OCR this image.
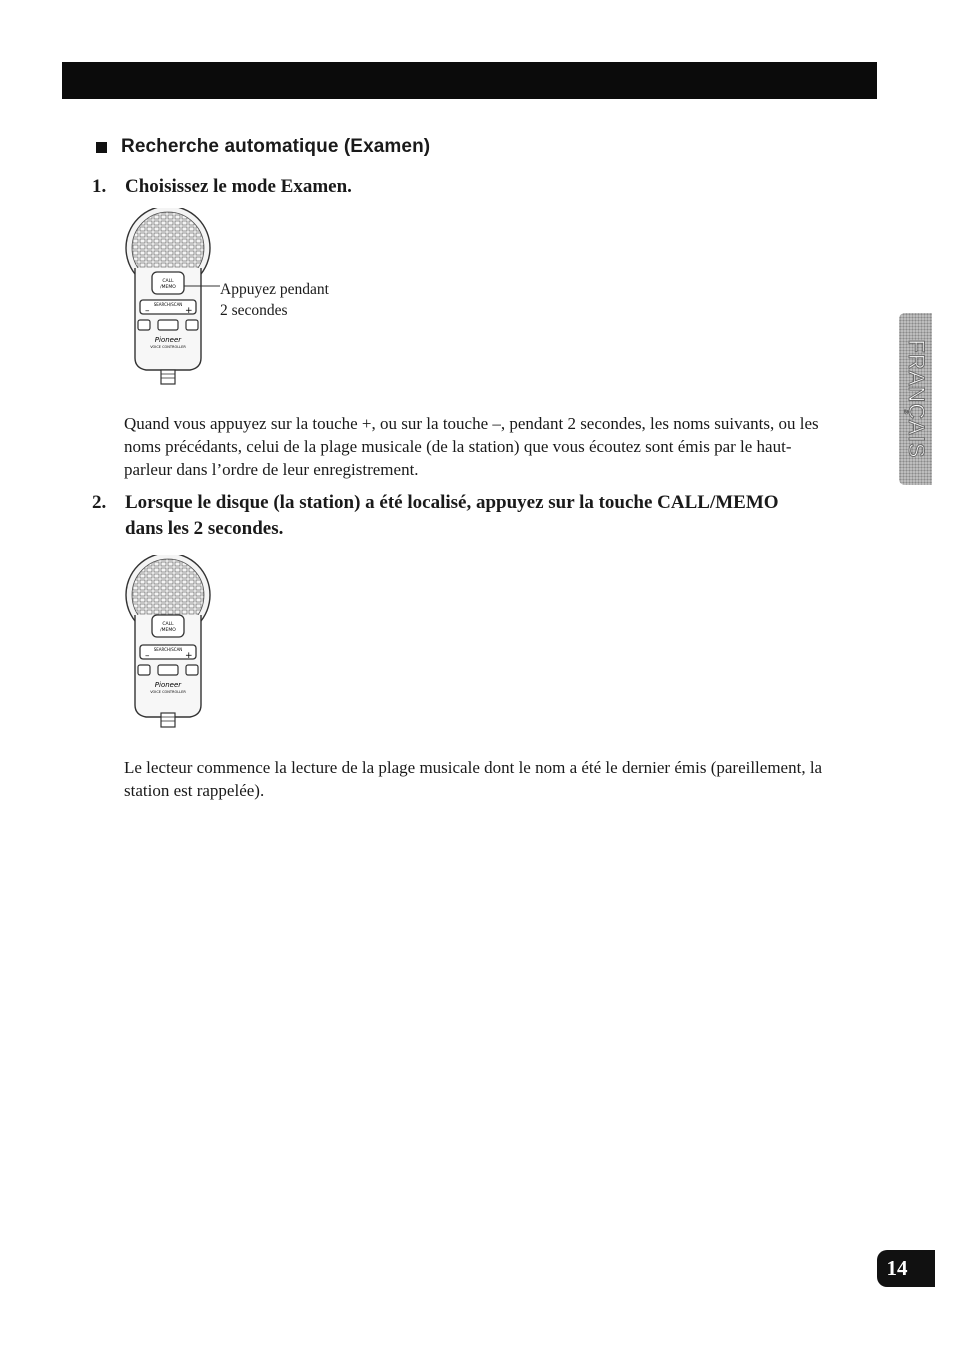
Recherche automatique (Examen)
1. Choisissez le mode Examen.
CALL
/MEMO
SEARCH/SCAN
–	+
Pioneer
VOICE CONTROLLER
Appuyez pendant
2 secondes
Quand vous appuyez sur la touche +, ou sur la touche –, pendant 2 secondes, les noms suivants, ou les noms précédants, celui de la plage musicale (de la station) que vous écoutez sont émis par le haut-parleur dans l’ordre de leur enregistrement.
2. Lorsque le disque (la station) a été localisé, appuyez sur la touche CALL/MEMO dans les 2 secondes.
CALL
/MEMO
SEARCH/SCAN
–	+
Pioneer
VOICE CONTROLLER
Le lecteur commence la lecture de la plage musicale dont le nom a été le dernier émis (pareillement, la station est rappelée).
FRANÇAIS
14
